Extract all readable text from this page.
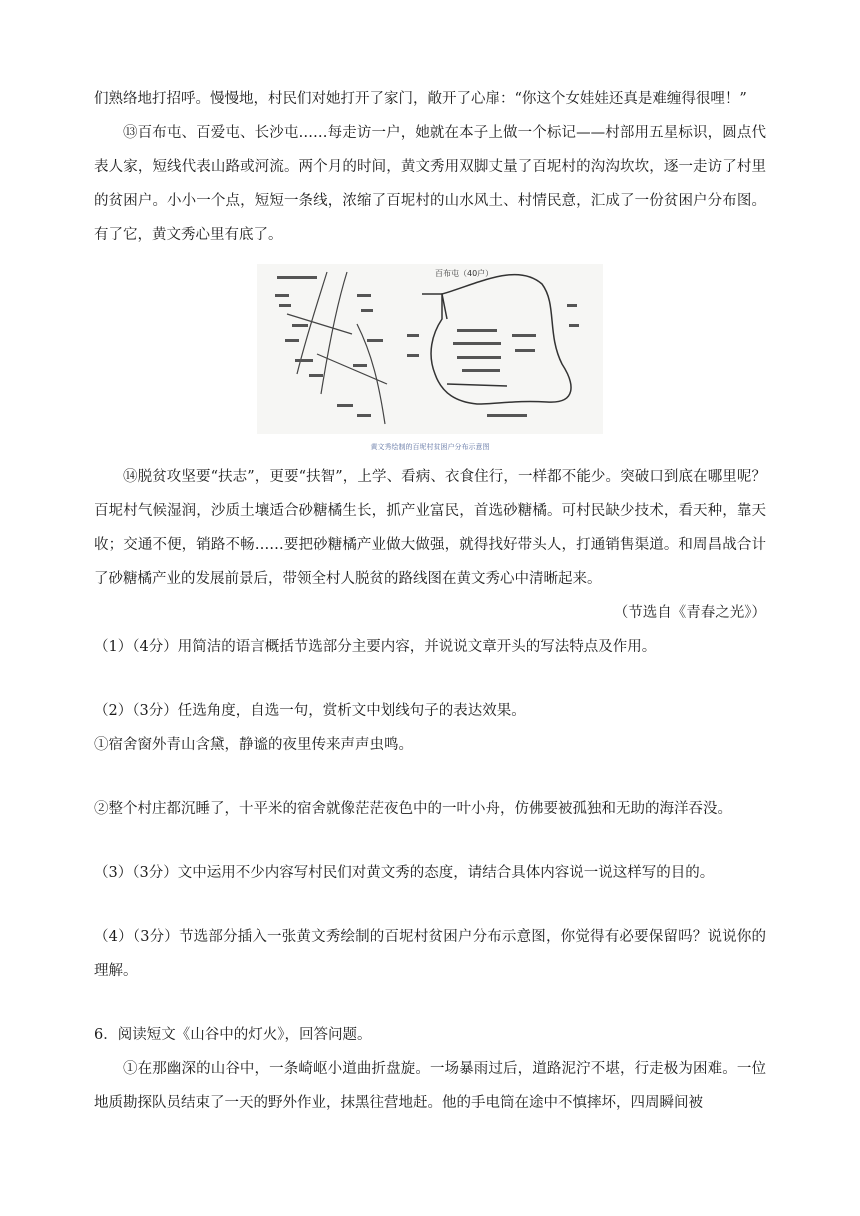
们熟络地打招呼。慢慢地，村民们对她打开了家门，敞开了心扉：“你这个女娃娃还真是难缠得很哩！”

⑬百布屯、百爱屯、长沙屯……每走访一户，她就在本子上做一个标记——村部用五星标识，圆点代表人家，短线代表山路或河流。两个月的时间，黄文秀用双脚丈量了百坭村的沟沟坎坎，逐一走访了村里的贫困户。小小一个点，短短一条线，浓缩了百坭村的山水风土、村情民意，汇成了一份贫困户分布图。有了它，黄文秀心里有底了。

百布屯（40户）
黄文秀绘制的百坭村贫困户分布示意图

⑭脱贫攻坚要“扶志”，更要“扶智”，上学、看病、衣食住行，一样都不能少。突破口到底在哪里呢？百坭村气候湿润，沙质土壤适合砂糖橘生长，抓产业富民，首选砂糖橘。可村民缺少技术，看天种，靠天收；交通不便，销路不畅……要把砂糖橘产业做大做强，就得找好带头人，打通销售渠道。和周昌战合计了砂糖橘产业的发展前景后，带领全村人脱贫的路线图在黄文秀心中清晰起来。

（节选自《青春之光》）

（1）（4分）用简洁的语言概括节选部分主要内容，并说说文章开头的写法特点及作用。

（2）（3分）任选角度，自选一句，赏析文中划线句子的表达效果。

①宿舍窗外青山含黛，静谧的夜里传来声声虫鸣。

②整个村庄都沉睡了，十平米的宿舍就像茫茫夜色中的一叶小舟，仿佛要被孤独和无助的海洋吞没。

（3）（3分）文中运用不少内容写村民们对黄文秀的态度，请结合具体内容说一说这样写的目的。

（4）（3分）节选部分插入一张黄文秀绘制的百坭村贫困户分布示意图，你觉得有必要保留吗？说说你的理解。

6．阅读短文《山谷中的灯火》，回答问题。

①在那幽深的山谷中，一条崎岖小道曲折盘旋。一场暴雨过后，道路泥泞不堪，行走极为困难。一位地质勘探队员结束了一天的野外作业，抹黑往营地赶。他的手电筒在途中不慎摔坏，四周瞬间被
